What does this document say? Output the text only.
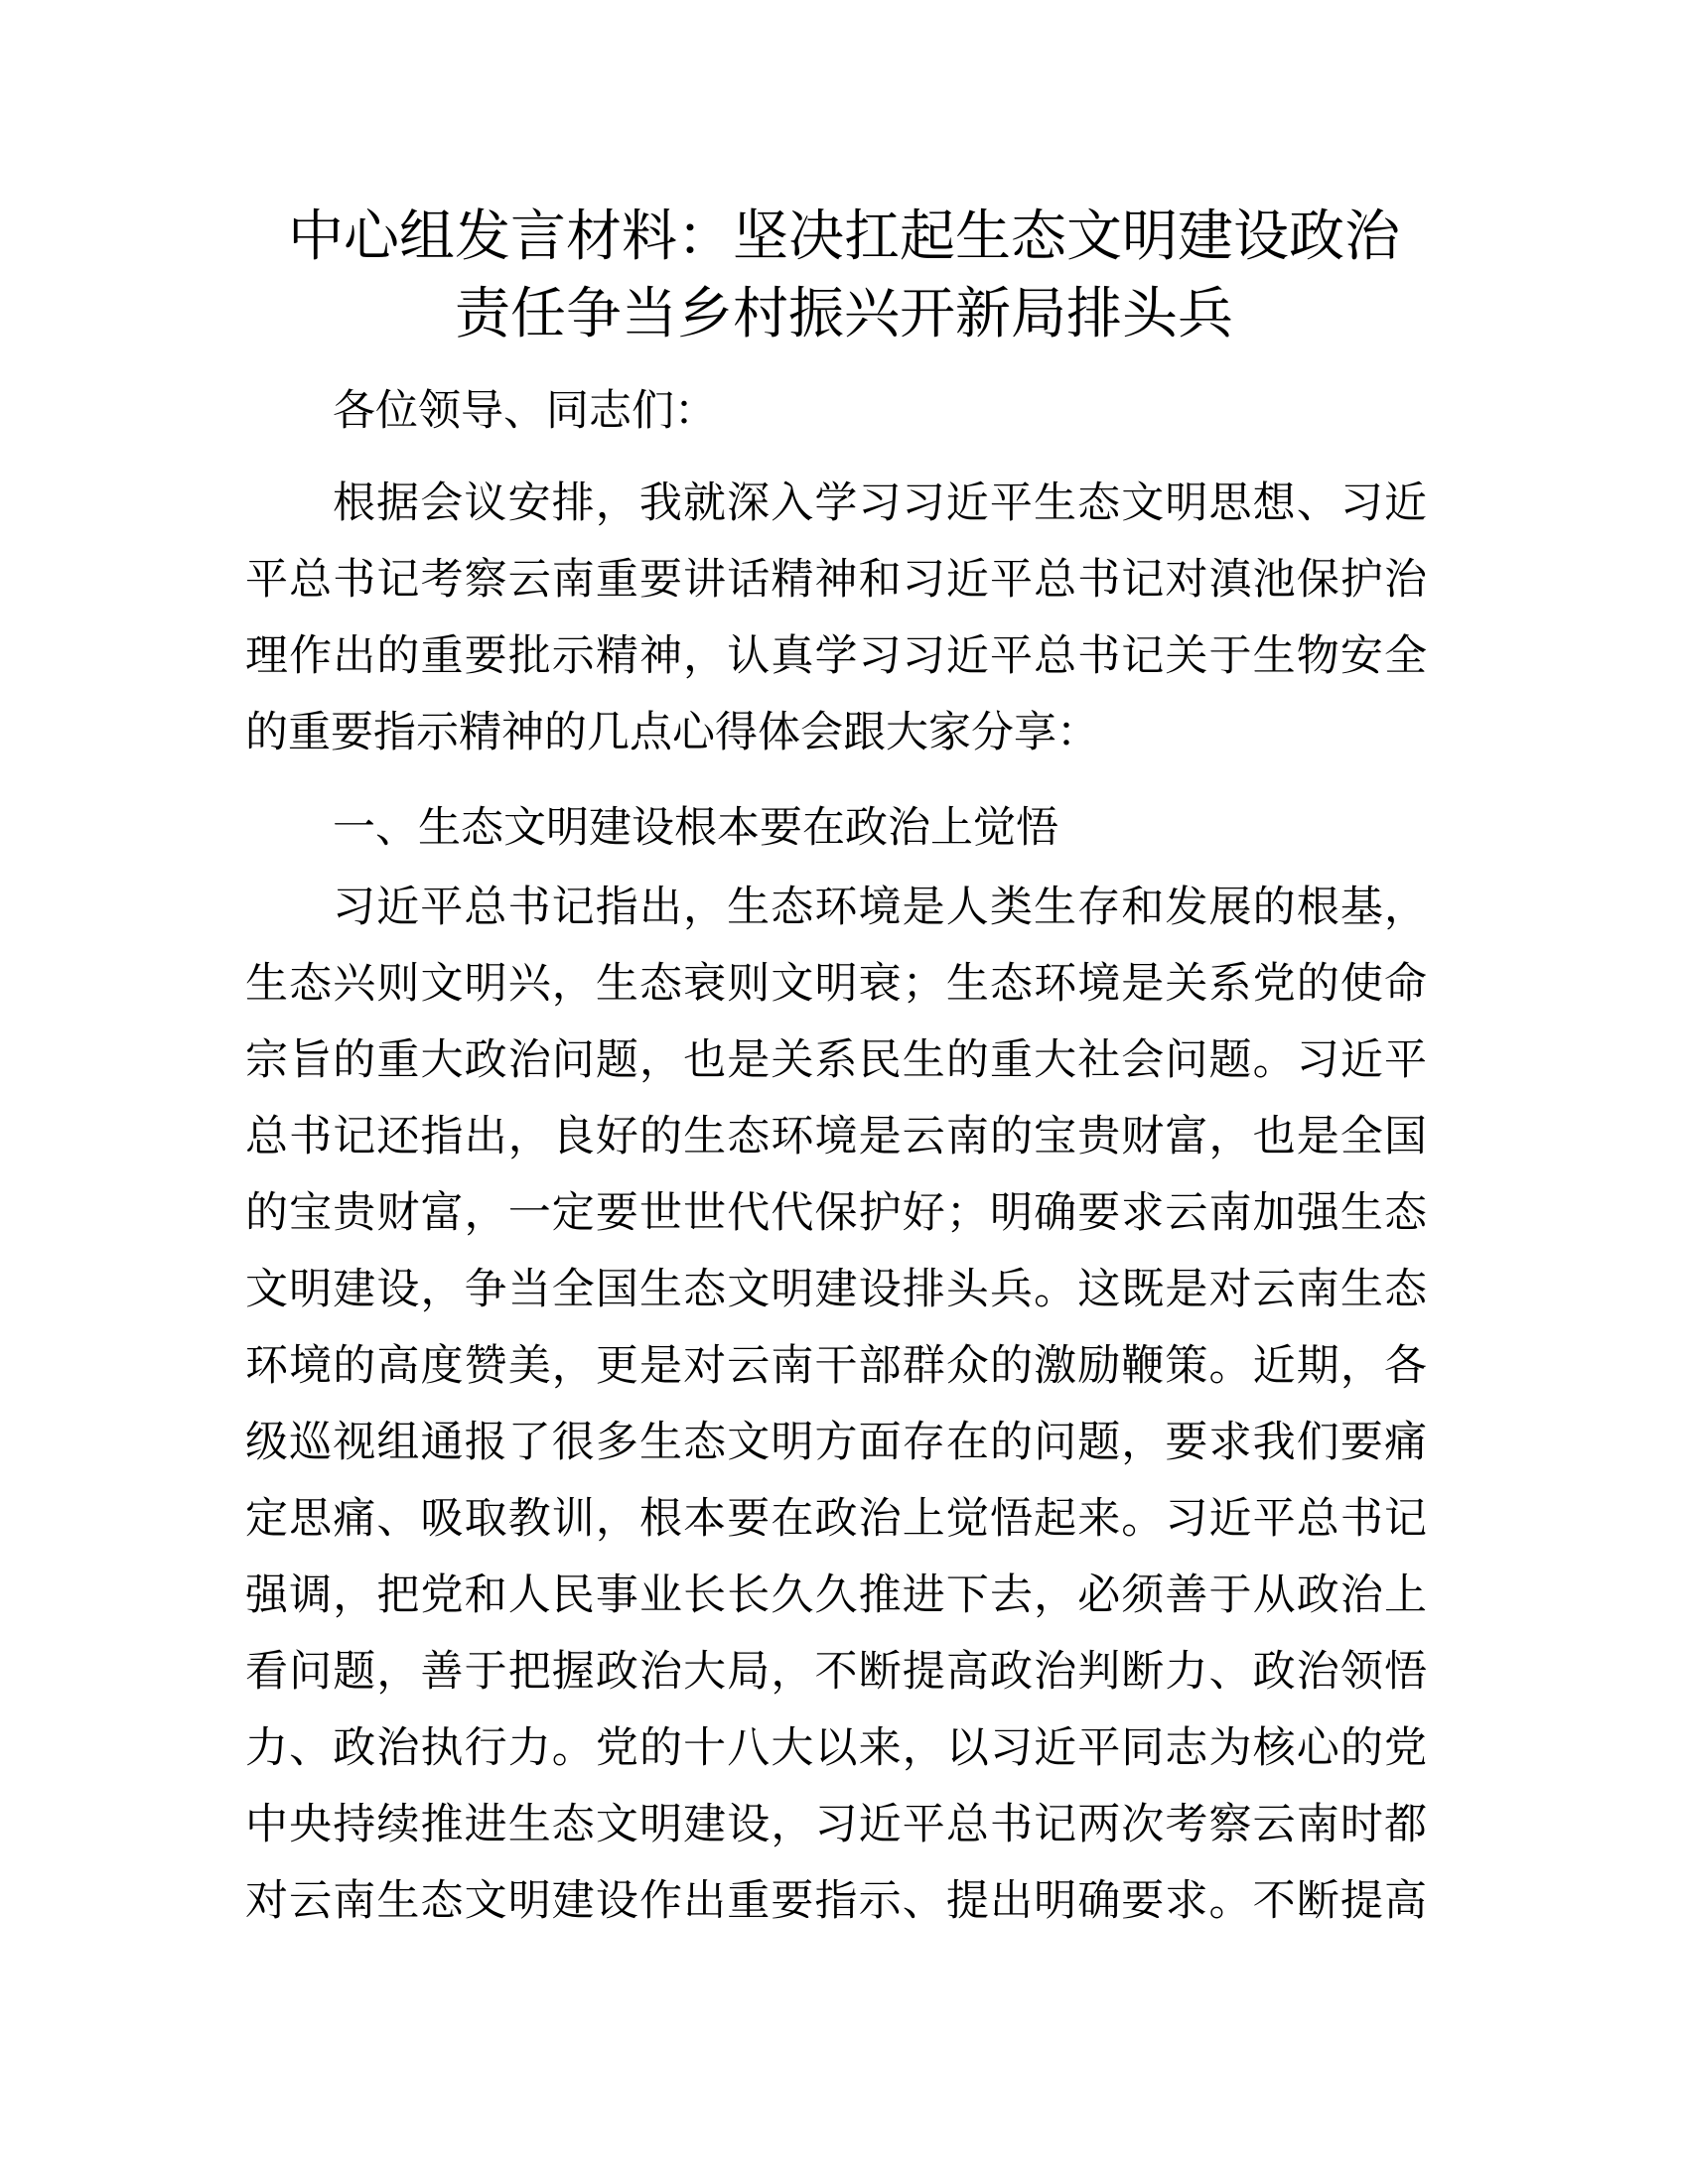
中心组发言材料：坚决扛起生态文明建设政治
责任争当乡村振兴开新局排头兵
各位领导、同志们：
根据会议安排，我就深入学习习近平生态文明思想、习近
平总书记考察云南重要讲话精神和习近平总书记对滇池保护治
理作出的重要批示精神，认真学习习近平总书记关于生物安全
的重要指示精神的几点心得体会跟大家分享：
一、生态文明建设根本要在政治上觉悟
习近平总书记指出，生态环境是人类生存和发展的根基，
生态兴则文明兴，生态衰则文明衰；生态环境是关系党的使命
宗旨的重大政治问题，也是关系民生的重大社会问题。习近平
总书记还指出，良好的生态环境是云南的宝贵财富，也是全国
的宝贵财富，一定要世世代代保护好；明确要求云南加强生态
文明建设，争当全国生态文明建设排头兵。这既是对云南生态
环境的高度赞美，更是对云南干部群众的激励鞭策。近期，各
级巡视组通报了很多生态文明方面存在的问题，要求我们要痛
定思痛、吸取教训，根本要在政治上觉悟起来。习近平总书记
强调，把党和人民事业长长久久推进下去，必须善于从政治上
看问题，善于把握政治大局，不断提高政治判断力、政治领悟
力、政治执行力。党的十八大以来，以习近平同志为核心的党
中央持续推进生态文明建设，习近平总书记两次考察云南时都
对云南生态文明建设作出重要指示、提出明确要求。不断提高
